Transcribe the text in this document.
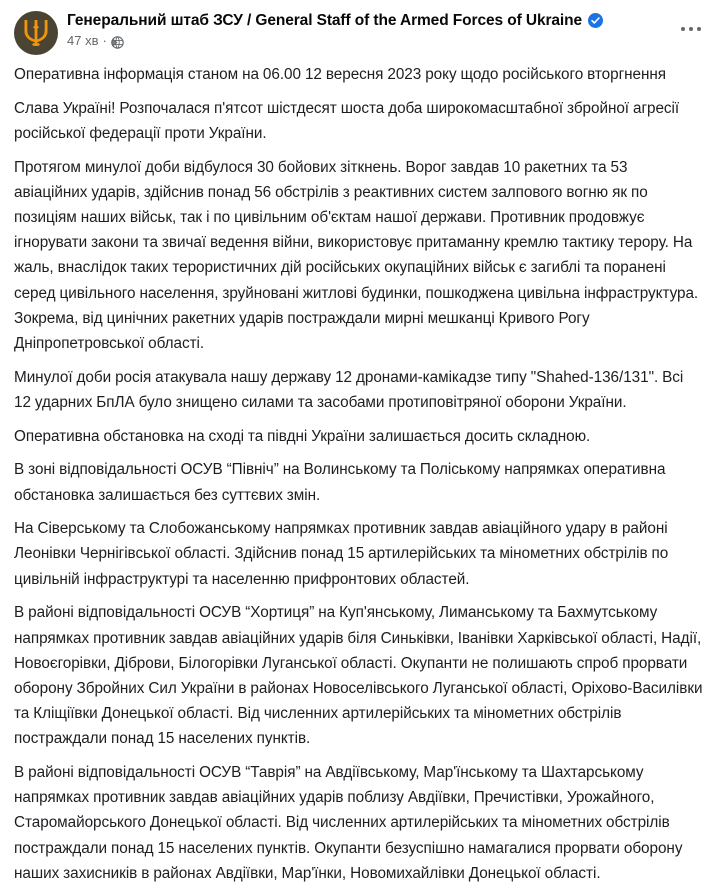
Генеральний штаб ЗСУ / General Staff of the Armed Forces of Ukraine
47 хв ·

Оперативна інформація станом на 06.00 12 вересня 2023 року щодо російського вторгнення

Слава Україні! Розпочалася п'ятсот шістдесят шоста доба широкомасштабної збройної агресії російської федерації проти України.

Протягом минулої доби відбулося 30 бойових зіткнень. Ворог завдав 10 ракетних та 53 авіаційних ударів, здійснив понад 56 обстрілів з реактивних систем залпового вогню як по позиціям наших військ, так і по цивільним об'єктам нашої держави. Противник продовжує ігнорувати закони та звичаї ведення війни, використовує притаманну кремлю тактику терору. На жаль, внаслідок таких терористичних дій російських окупаційних військ є загиблі та поранені серед цивільного населення, зруйновані житлові будинки, пошкоджена цивільна інфраструктура. Зокрема, від цинічних ракетних ударів постраждали мирні мешканці Кривого Рогу Дніпропетровської області.

Минулої доби росія атакувала нашу державу 12 дронами-камікадзе типу "Shahed-136/131". Всі 12 ударних БпЛА було знищено силами та засобами протиповітряної оборони України.

Оперативна обстановка на сході та півдні України залишається досить складною.

В зоні відповідальності ОСУВ “Північ” на Волинському та Поліському напрямках оперативна обстановка залишається без суттєвих змін.

На Сіверському та Слобожанському напрямках противник завдав авіаційного удару в районі Леонівки Чернігівської області. Здійснив понад 15 артилерійських та мінометних обстрілів по цивільній інфраструктурі та населенню прифронтових областей.

В районі відповідальності ОСУВ “Хортиця” на Куп'янському, Лиманському та Бахмутському напрямках противник завдав авіаційних ударів біля Синьківки, Іванівки Харківської області, Надії, Новоєгорівки, Діброви, Білогорівки Луганської області. Окупанти не полишають спроб прорвати оборону Збройних Сил України в районах Новоселівського Луганської області, Оріхово-Василівки та Кліщіївки Донецької області. Від численних артилерійських та мінометних обстрілів постраждали понад 15 населених пунктів.

В районі відповідальності ОСУВ “Таврія” на Авдіївському, Мар'їнському та Шахтарському напрямках противник завдав авіаційних ударів поблизу Авдіївки, Пречистівки, Урожайного, Старомайорського Донецької області. Від численних артилерійських та мінометних обстрілів постраждали понад 15 населених пунктів. Окупанти безуспішно намагалися прорвати оборону наших захисників в районах Авдіївки, Мар'їнки, Новомихайлівки Донецької області.
